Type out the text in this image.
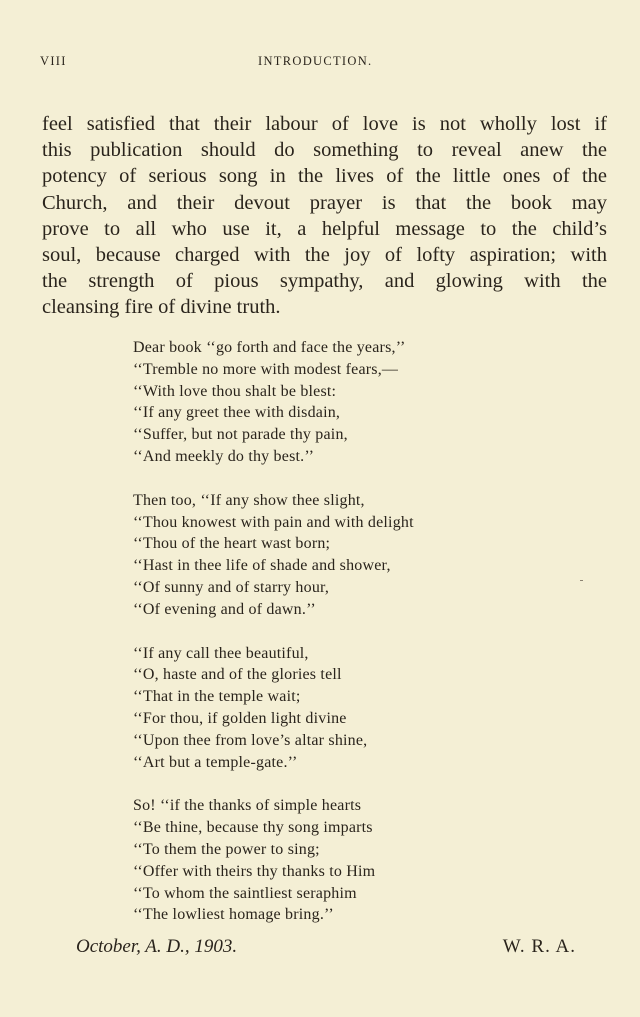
VIII	INTRODUCTION.
feel satisfied that their labour of love is not wholly lost if
this publication should do something to reveal anew the
potency of serious song in the lives of the little ones of the
Church, and their devout prayer is that the book may
prove to all who use it, a helpful message to the child’s
soul, because charged with the joy of lofty aspiration; with
the strength of pious sympathy, and glowing with the
cleansing fire of divine truth.
Dear book ‘‘go forth and face the years,’’
‘‘Tremble no more with modest fears,—
‘‘With love thou shalt be blest:
‘‘If any greet thee with disdain,
‘‘Suffer, but not parade thy pain,
‘‘And meekly do thy best.’’
Then too, ‘‘If any show thee slight,
‘‘Thou knowest with pain and with delight
‘‘Thou of the heart wast born;
‘‘Hast in thee life of shade and shower,
‘‘Of sunny and of starry hour,
‘‘Of evening and of dawn.’’
‘‘If any call thee beautiful,
‘‘O, haste and of the glories tell
‘‘That in the temple wait;
‘‘For thou, if golden light divine
‘‘Upon thee from love’s altar shine,
‘‘Art but a temple-gate.’’
So! ‘‘if the thanks of simple hearts
‘‘Be thine, because thy song imparts
‘‘To them the power to sing;
‘‘Offer with theirs thy thanks to Him
‘‘To whom the saintliest seraphim
‘‘The lowliest homage bring.’’
October, A. D., 1903.	W. R. A.
